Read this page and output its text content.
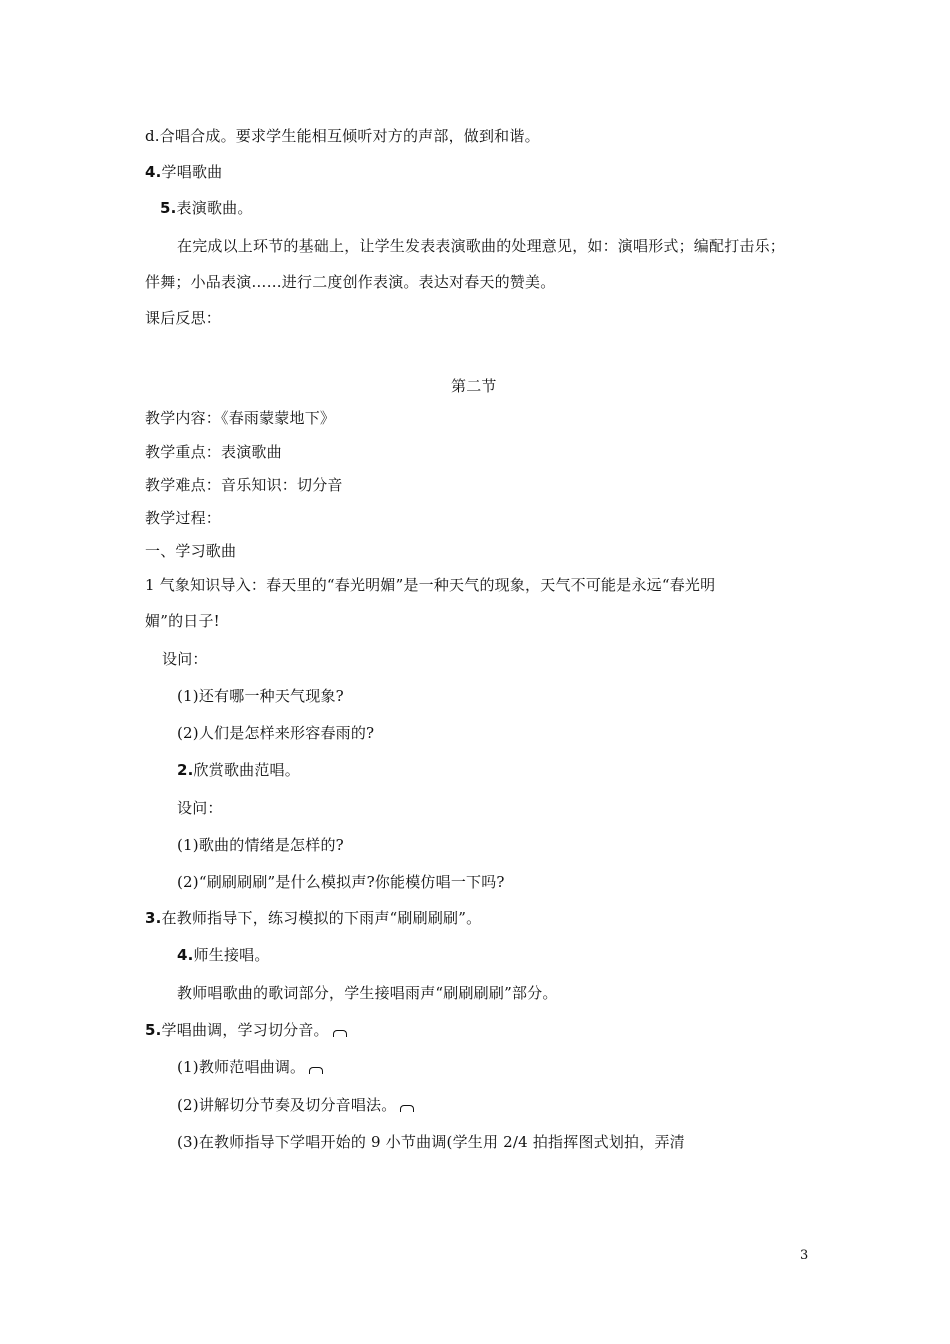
d.合唱合成。要求学生能相互倾听对方的声部，做到和谐。
4.学唱歌曲
5.表演歌曲。
在完成以上环节的基础上，让学生发表表演歌曲的处理意见，如：演唱形式；编配打击乐；
伴舞；小品表演……进行二度创作表演。表达对春天的赞美。
课后反思：
第二节
教学内容：《春雨蒙蒙地下》
教学重点：表演歌曲
教学难点：音乐知识：切分音
教学过程：
一、学习歌曲
1 气象知识导入：春天里的“春光明媚”是一种天气的现象，天气不可能是永远“春光明
媚”的日子!
设问：
(1)还有哪一种天气现象?
(2)人们是怎样来形容春雨的?
2.欣赏歌曲范唱。
设问：
(1)歌曲的情绪是怎样的?
(2)“刷刷刷刷”是什么模拟声?你能模仿唱一下吗?
3.在教师指导下，练习模拟的下雨声“刷刷刷刷”。
4.师生接唱。
教师唱歌曲的歌词部分，学生接唱雨声“刷刷刷刷”部分。
5.学唱曲调，学习切分音。
(1)教师范唱曲调。
(2)讲解切分节奏及切分音唱法。
(3)在教师指导下学唱开始的 9 小节曲调(学生用 2/4 拍指挥图式划拍，弄清
3
